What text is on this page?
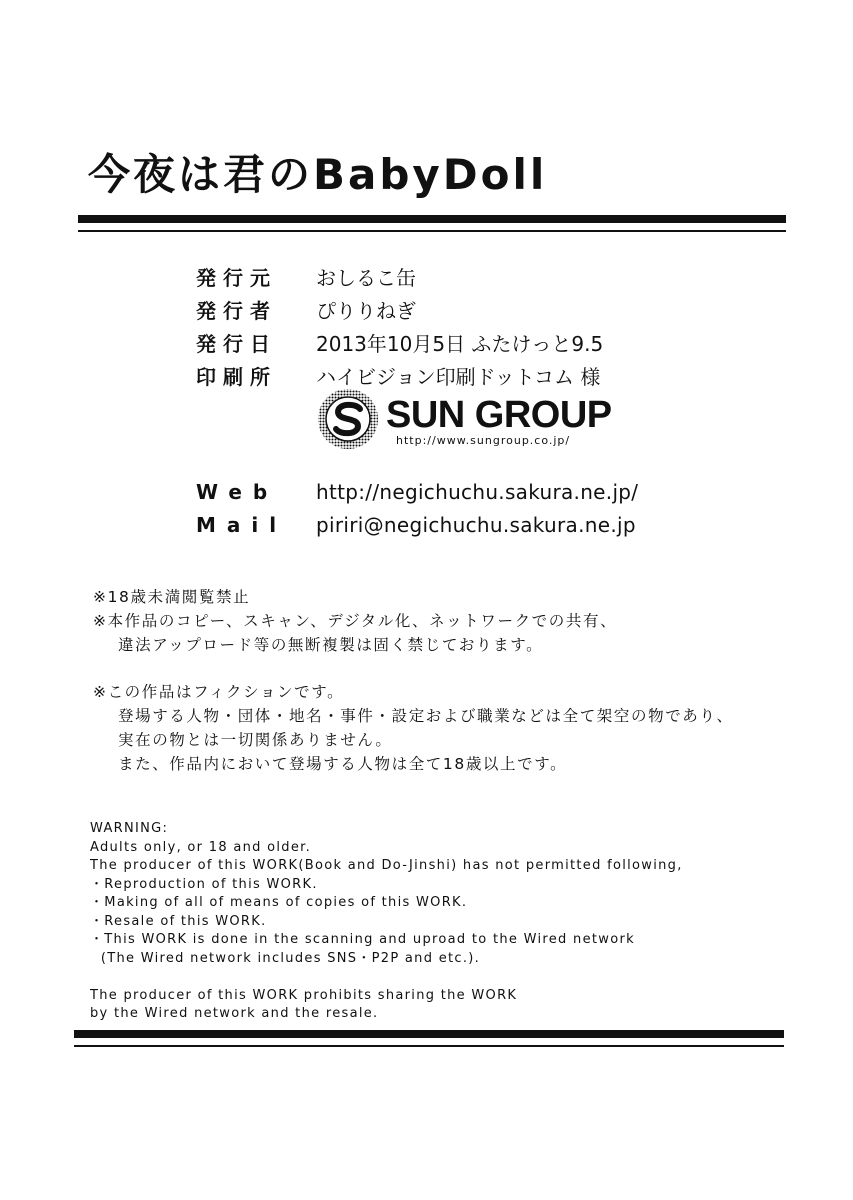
今夜は君のBabyDoll
発行元 おしるこ缶
発行者 ぴりりねぎ
発行日 2013年10月5日 ふたけっと9.5
印刷所 ハイビジョン印刷ドットコム 様
SUN GROUP
http://www.sungroup.co.jp/
Web http://negichuchu.sakura.ne.jp/
Mail piriri@negichuchu.sakura.ne.jp
※18歳未満閲覧禁止
※本作品のコピー、スキャン、デジタル化、ネットワークでの共有、
違法アップロード等の無断複製は固く禁じております。
※この作品はフィクションです。
登場する人物・団体・地名・事件・設定および職業などは全て架空の物であり、
実在の物とは一切関係ありません。
また、作品内において登場する人物は全て18歳以上です。
WARNING:
Adults only, or 18 and older.
The producer of this WORK(Book and Do-Jinshi) has not permitted following,
・Reproduction of this WORK.
・Making of all of means of copies of this WORK.
・Resale of this WORK.
・This WORK is done in the scanning and uproad to the Wired network
(The Wired network includes SNS・P2P and etc.).
The producer of this WORK prohibits sharing the WORK
by the Wired network and the resale.
